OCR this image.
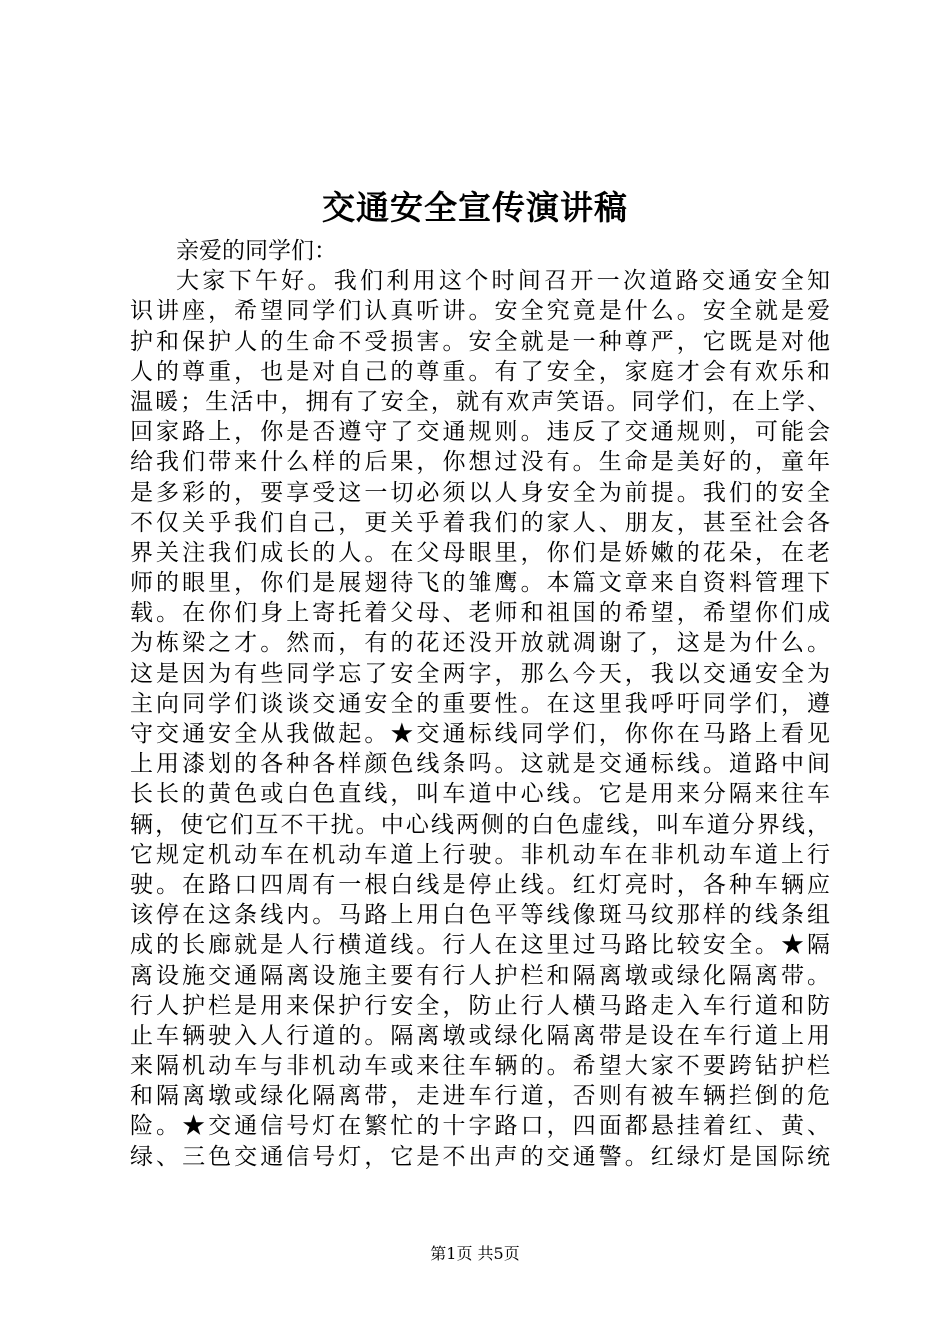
交通安全宣传演讲稿
亲爱的同学们：
大家下午好。我们利用这个时间召开一次道路交通安全知
识讲座，希望同学们认真听讲。安全究竟是什么。安全就是爱
护和保护人的生命不受损害。安全就是一种尊严，它既是对他
人的尊重，也是对自己的尊重。有了安全，家庭才会有欢乐和
温暖；生活中，拥有了安全，就有欢声笑语。同学们，在上学、
回家路上，你是否遵守了交通规则。违反了交通规则，可能会
给我们带来什么样的后果，你想过没有。生命是美好的，童年
是多彩的，要享受这一切必须以人身安全为前提。我们的安全
不仅关乎我们自己，更关乎着我们的家人、朋友，甚至社会各
界关注我们成长的人。在父母眼里，你们是娇嫩的花朵，在老
师的眼里，你们是展翅待飞的雏鹰。本篇文章来自资料管理下
载。在你们身上寄托着父母、老师和祖国的希望，希望你们成
为栋梁之才。然而，有的花还没开放就凋谢了，这是为什么。
这是因为有些同学忘了安全两字，那么今天，我以交通安全为
主向同学们谈谈交通安全的重要性。在这里我呼吁同学们，遵
守交通安全从我做起。★交通标线同学们，你你在马路上看见
上用漆划的各种各样颜色线条吗。这就是交通标线。道路中间
长长的黄色或白色直线，叫车道中心线。它是用来分隔来往车
辆，使它们互不干扰。中心线两侧的白色虚线，叫车道分界线，
它规定机动车在机动车道上行驶。非机动车在非机动车道上行
驶。在路口四周有一根白线是停止线。红灯亮时，各种车辆应
该停在这条线内。马路上用白色平等线像斑马纹那样的线条组
成的长廊就是人行横道线。行人在这里过马路比较安全。★隔
离设施交通隔离设施主要有行人护栏和隔离墩或绿化隔离带。
行人护栏是用来保护行安全，防止行人横马路走入车行道和防
止车辆驶入人行道的。隔离墩或绿化隔离带是设在车行道上用
来隔机动车与非机动车或来往车辆的。希望大家不要跨钻护栏
和隔离墩或绿化隔离带，走进车行道，否则有被车辆拦倒的危
险。★交通信号灯在繁忙的十字路口，四面都悬挂着红、黄、
绿、三色交通信号灯，它是不出声的交通警。红绿灯是国际统
第1页 共5页
